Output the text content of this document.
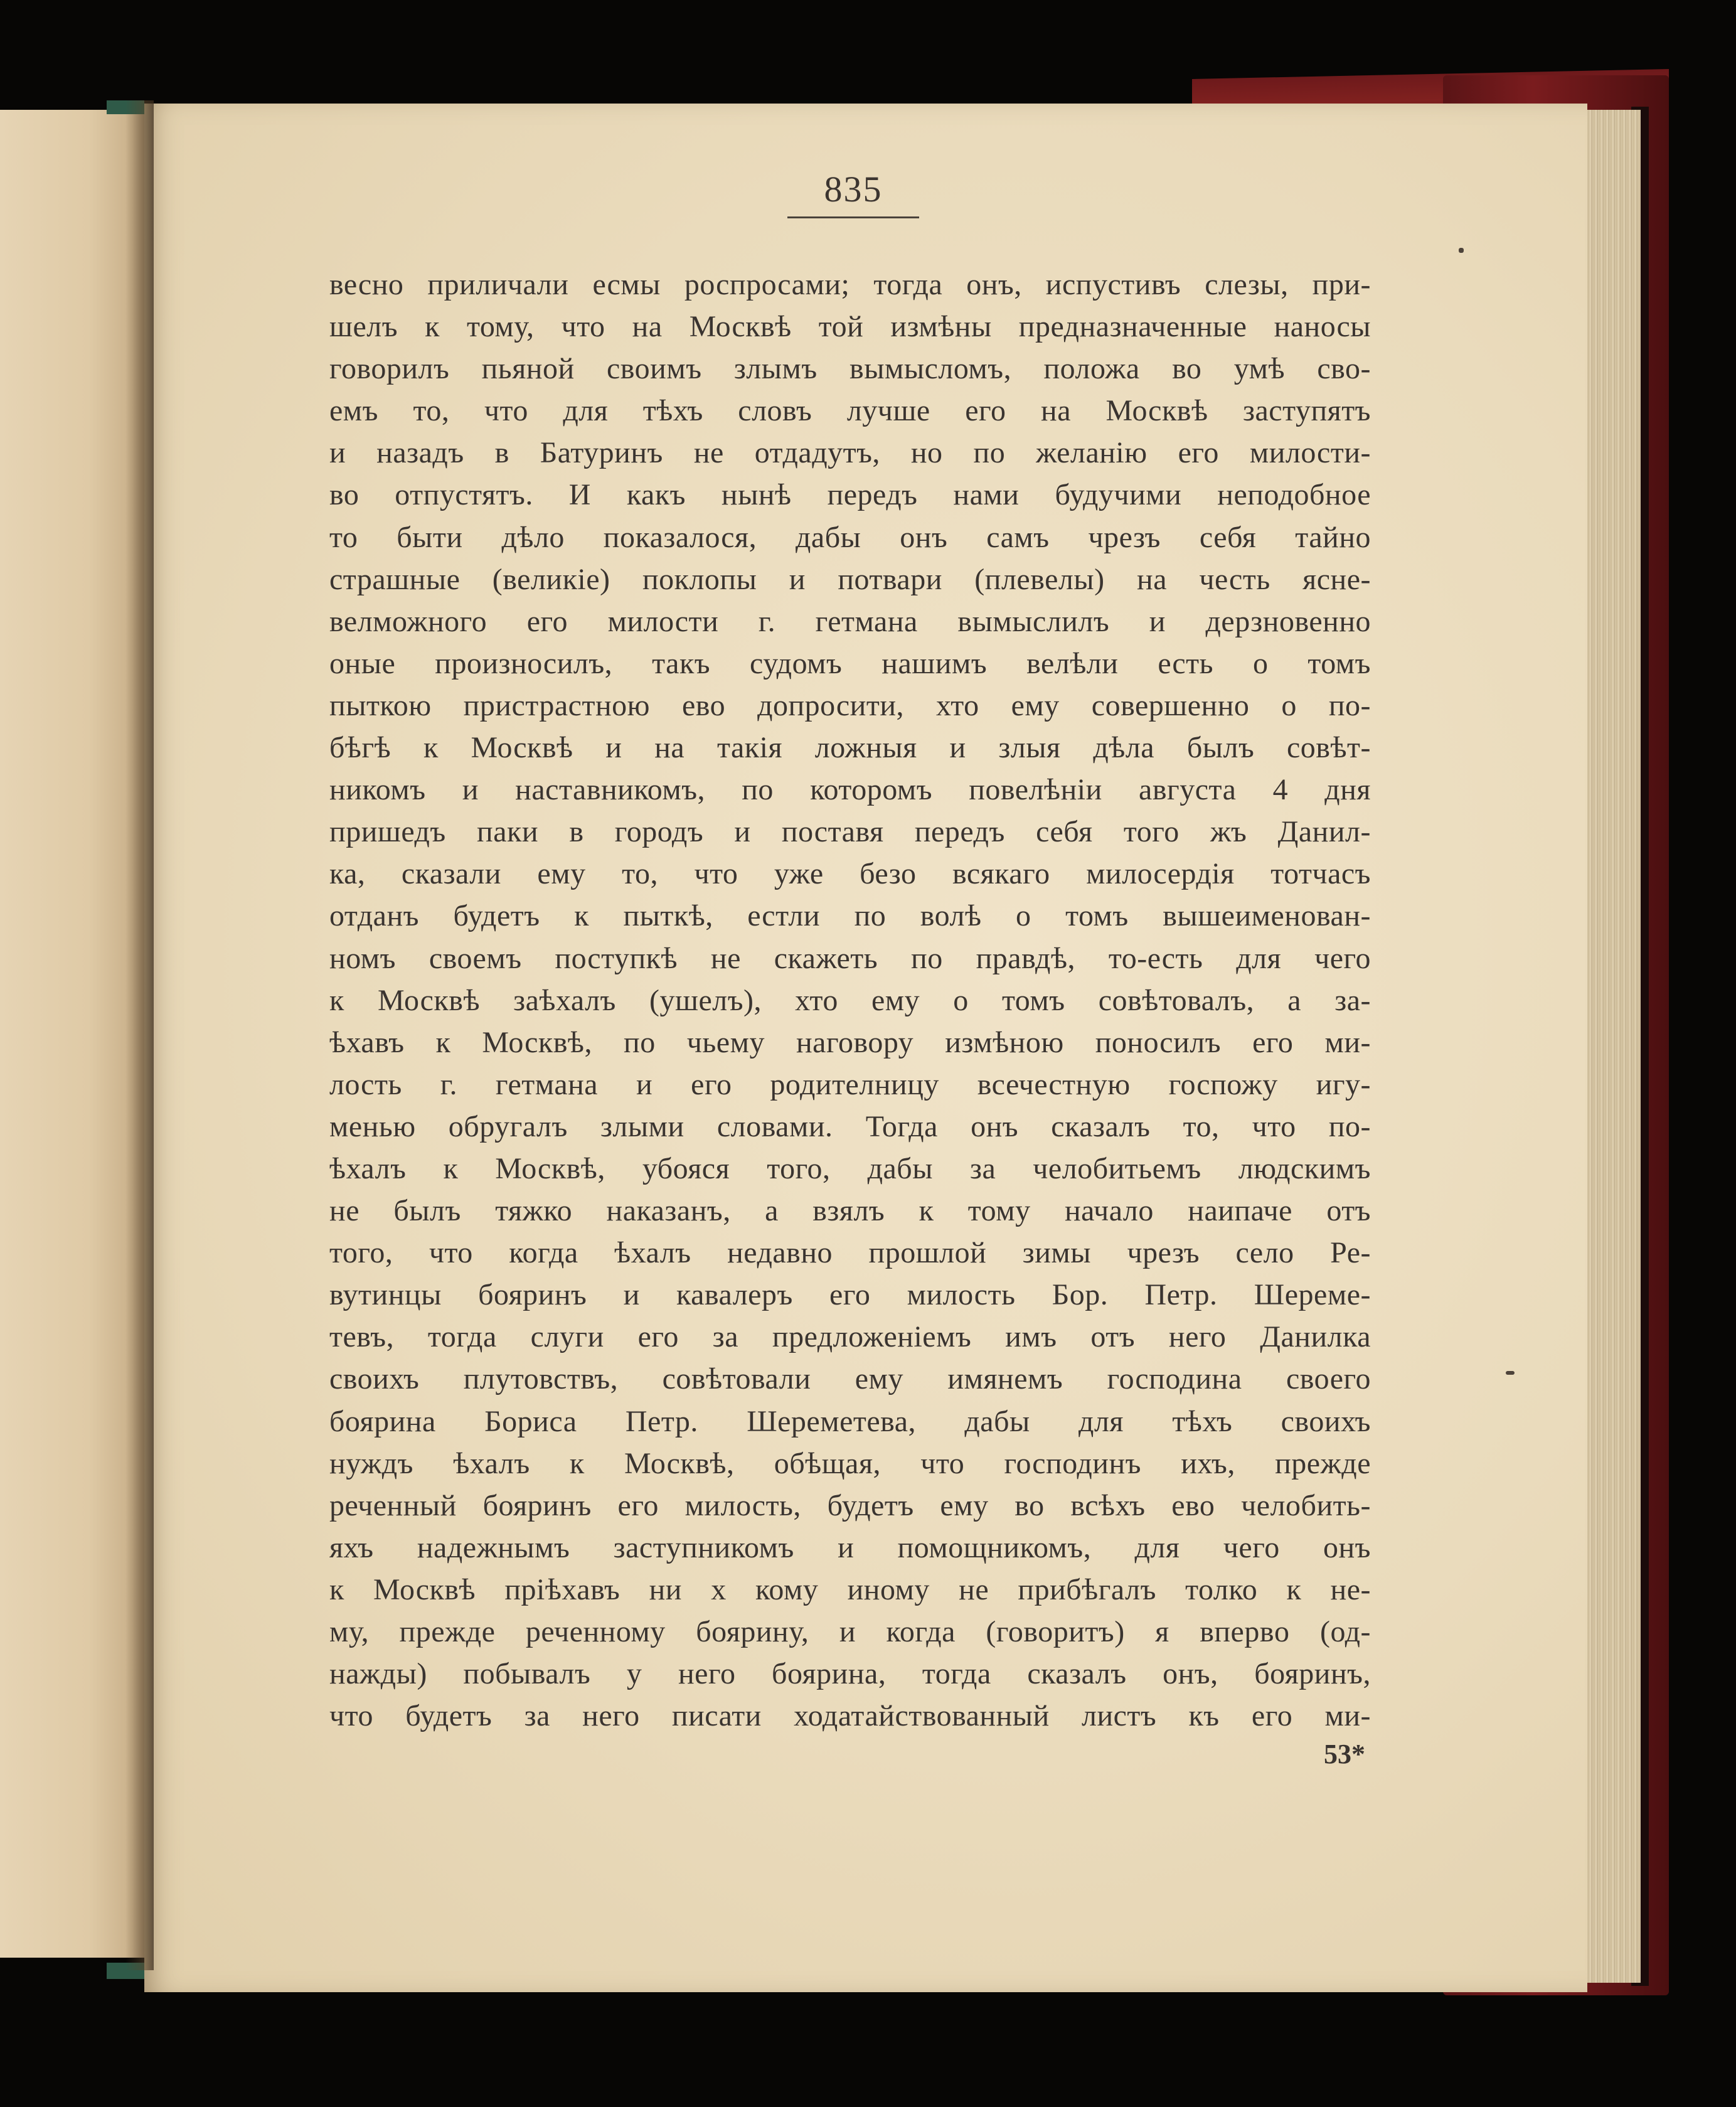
835
весно приличали есмы роспросами; тогда онъ, испустивъ слезы, при-
шелъ к тому, что на Москвѣ той измѣны предназначенные наносы
говорилъ пьяной своимъ злымъ вымысломъ, положа во умѣ сво-
емъ то, что для тѣхъ словъ лучше его на Москвѣ заступятъ
и назадъ в Батуринъ не отдадутъ, но по желанію его милости-
во отпустятъ. И какъ нынѣ передъ нами будучими неподобное
то быти дѣло показалося, дабы онъ самъ чрезъ себя тайно
страшные (великіе) поклопы и потвари (плевелы) на честь ясне-
велможного его милости г. гетмана вымыслилъ и дерзновенно
оные произносилъ, такъ судомъ нашимъ велѣли есть о томъ
пыткою пристрастною ево допросити, хто ему совершенно о по-
бѣгѣ к Москвѣ и на такія ложныя и злыя дѣла былъ совѣт-
никомъ и наставникомъ, по которомъ повелѣніи августа 4 дня
пришедъ паки в городъ и поставя передъ себя того жъ Данил-
ка, сказали ему то, что уже безо всякаго милосердія тотчасъ
отданъ будетъ к пыткѣ, естли по волѣ о томъ вышеименован-
номъ своемъ поступкѣ не скажеть по правдѣ, то-есть для чего
к Москвѣ заѣхалъ (ушелъ), хто ему о томъ совѣтовалъ, а за-
ѣхавъ к Москвѣ, по чьему наговору измѣною поносилъ его ми-
лость г. гетмана и его родителницу всечестную госпожу игу-
менью обругалъ злыми словами. Тогда онъ сказалъ то, что по-
ѣхалъ к Москвѣ, убояся того, дабы за челобитьемъ людскимъ
не былъ тяжко наказанъ, а взялъ к тому начало наипаче отъ
того, что когда ѣхалъ недавно прошлой зимы чрезъ село Ре-
вутинцы бояринъ и кавалеръ его милость Бор. Петр. Шереме-
тевъ, тогда слуги его за предложеніемъ имъ отъ него Данилка
своихъ плутовствъ, совѣтовали ему имянемъ господина своего
боярина Бориса Петр. Шереметева, дабы для тѣхъ своихъ
нуждъ ѣхалъ к Москвѣ, обѣщая, что господинъ ихъ, прежде
реченный бояринъ его милость, будетъ ему во всѣхъ ево челобить-
яхъ надежнымъ заступникомъ и помощникомъ, для чего онъ
к Москвѣ пріѣхавъ ни х кому иному не прибѣгалъ толко к не-
му, прежде реченному боярину, и когда (говоритъ) я впервo (од-
нажды) побывалъ у него боярина, тогда сказалъ онъ, бояринъ,
что будетъ за него писати ходатайствованный листъ къ его ми-
53*
